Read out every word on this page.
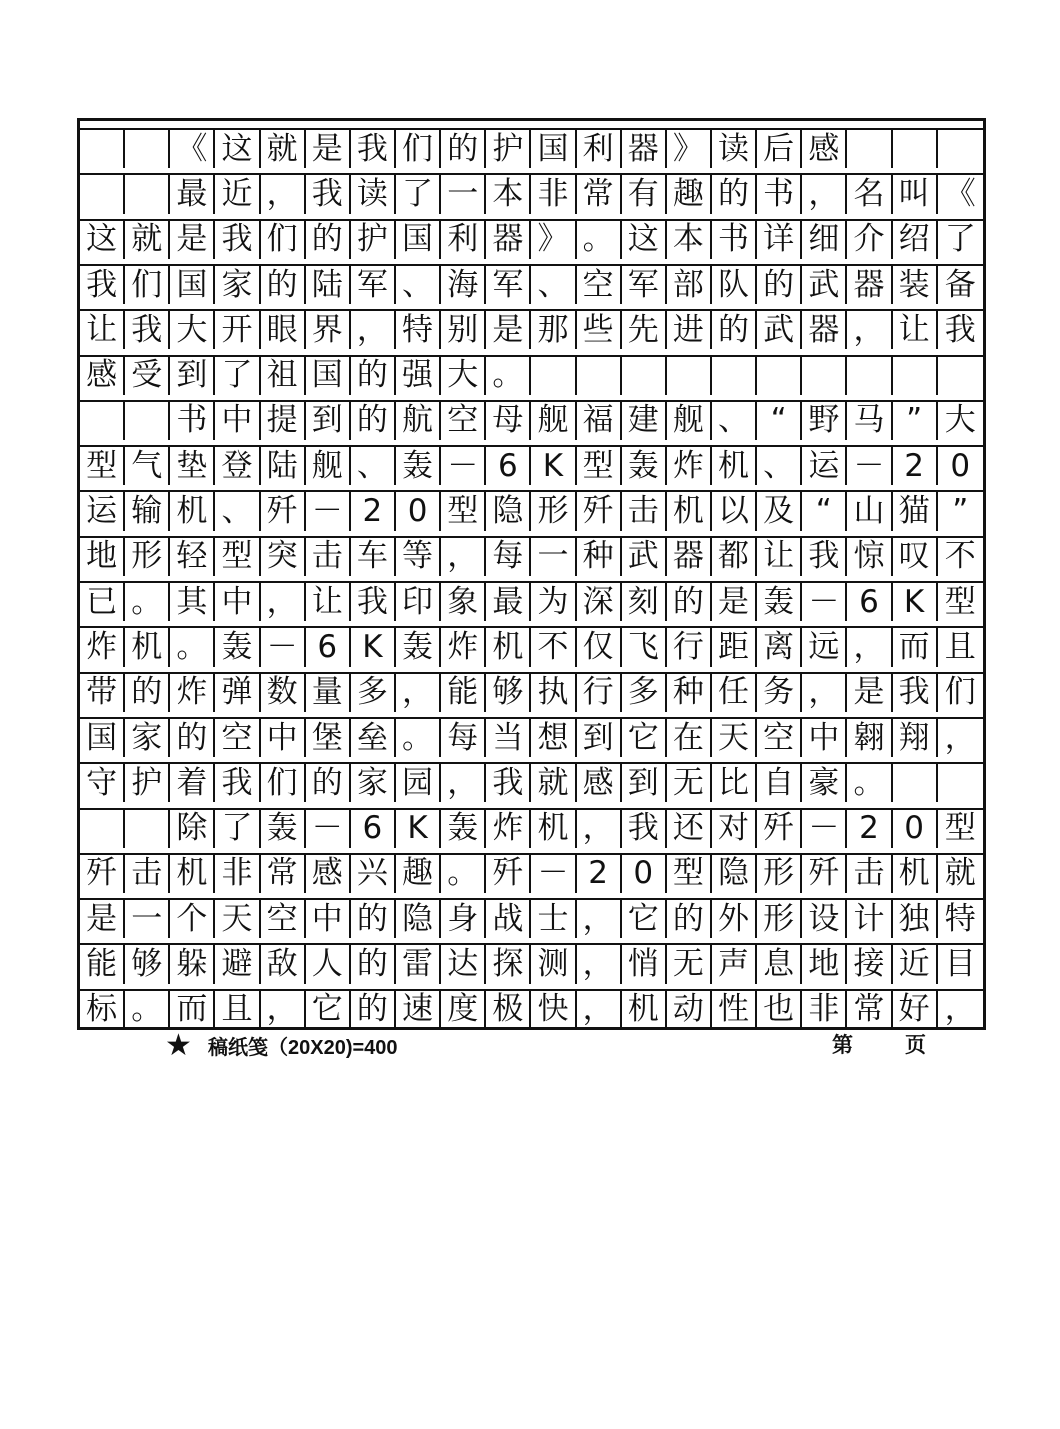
《 这 就 是 我 们 的 护 国 利 器 》 读 后 感
最 近 ， 我 读 了 一 本 非 常 有 趣 的 书 ， 名 叫 《
这 就 是 我 们 的 护 国 利 器 》 。 这 本 书 详 细 介 绍 了
我 们 国 家 的 陆 军 、 海 军 、 空 军 部 队 的 武 器 装 备
让 我 大 开 眼 界 ， 特 别 是 那 些 先 进 的 武 器 ， 让 我
感 受 到 了 祖 国 的 强 大 。
书 中 提 到 的 航 空 母 舰 福 建 舰 、 “ 野 马 ” 大
型 气 垫 登 陆 舰 、 轰 － 6 K 型 轰 炸 机 、 运 － 2 0
运 输 机 、 歼 － 2 0 型 隐 形 歼 击 机 以 及 “ 山 猫 ”
地 形 轻 型 突 击 车 等 ， 每 一 种 武 器 都 让 我 惊 叹 不
已 。 其 中 ， 让 我 印 象 最 为 深 刻 的 是 轰 － 6 K 型
炸 机 。 轰 － 6 K 轰 炸 机 不 仅 飞 行 距 离 远 ， 而 且
带 的 炸 弹 数 量 多 ， 能 够 执 行 多 种 任 务 ， 是 我 们
国 家 的 空 中 堡 垒 。 每 当 想 到 它 在 天 空 中 翱 翔 ，
守 护 着 我 们 的 家 园 ， 我 就 感 到 无 比 自 豪 。
除 了 轰 － 6 K 轰 炸 机 ， 我 还 对 歼 － 2 0 型
歼 击 机 非 常 感 兴 趣 。 歼 － 2 0 型 隐 形 歼 击 机 就
是 一 个 天 空 中 的 隐 身 战 士 ， 它 的 外 形 设 计 独 特
能 够 躲 避 敌 人 的 雷 达 探 测 ， 悄 无 声 息 地 接 近 目
标 。 而 且 ， 它 的 速 度 极 快 ， 机 动 性 也 非 常 好 ，
★ 稿纸笺（20X20)=400	第 页
